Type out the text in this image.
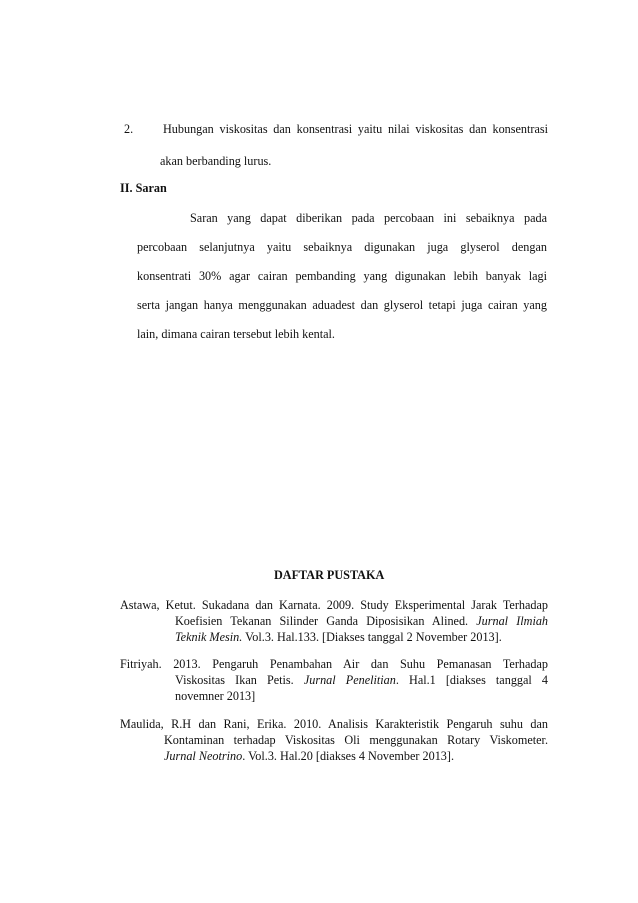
2. Hubungan viskositas dan konsentrasi yaitu nilai viskositas dan konsentrasi
akan berbanding lurus.
II. Saran
Saran yang dapat diberikan pada percobaan ini sebaiknya pada
percobaan selanjutnya yaitu sebaiknya digunakan juga glyserol dengan
konsentrati 30% agar cairan pembanding yang digunakan lebih banyak lagi
serta jangan hanya menggunakan aduadest dan glyserol tetapi juga cairan yang
lain, dimana cairan tersebut lebih kental.
DAFTAR PUSTAKA
Astawa, Ketut. Sukadana dan Karnata. 2009. Study Eksperimental Jarak Terhadap
Koefisien Tekanan Silinder Ganda Diposisikan Alined. Jurnal Ilmiah
Teknik Mesin. Vol.3. Hal.133. [Diakses tanggal 2 November 2013].
Fitriyah. 2013. Pengaruh Penambahan Air dan Suhu Pemanasan Terhadap
Viskositas Ikan Petis. Jurnal Penelitian. Hal.1 [diakses tanggal 4
novemner 2013]
Maulida, R.H dan Rani, Erika. 2010. Analisis Karakteristik Pengaruh suhu dan
Kontaminan terhadap Viskositas Oli menggunakan Rotary Viskometer.
Jurnal Neotrino. Vol.3. Hal.20 [diakses 4 November 2013].
